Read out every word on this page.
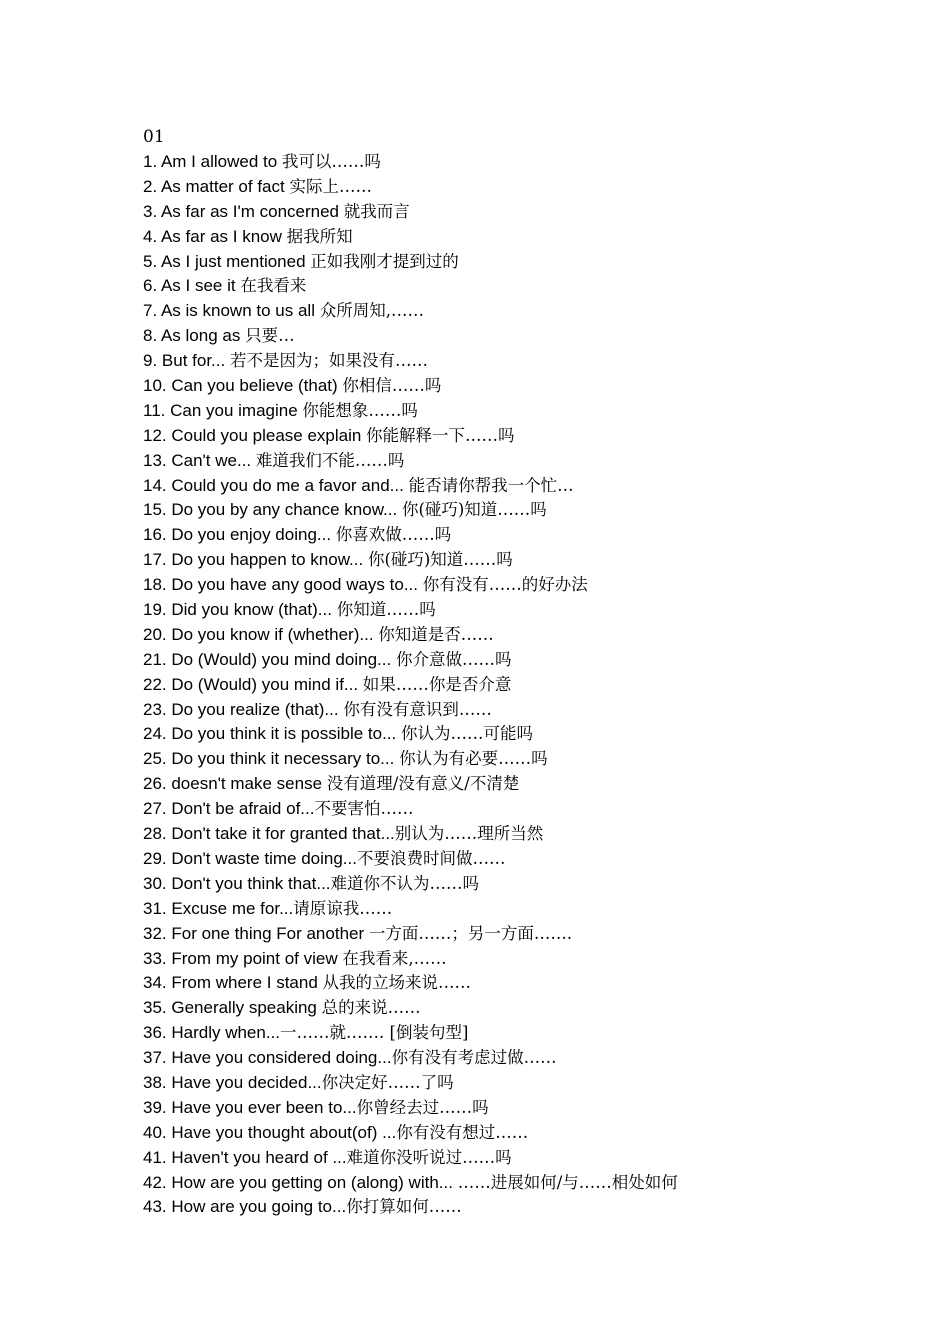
01
1. Am I allowed to 我可以……吗
2. As matter of fact 实际上……
3. As far as I'm concerned 就我而言
4. As far as I know 据我所知
5. As I just mentioned 正如我刚才提到过的
6. As I see it 在我看来
7. As is known to us all 众所周知,……
8. As long as 只要…
9. But for... 若不是因为；如果没有……
10. Can you believe (that) 你相信……吗
11. Can you imagine 你能想象……吗
12. Could you please explain 你能解释一下……吗
13. Can't we... 难道我们不能……吗
14. Could you do me a favor and... 能否请你帮我一个忙…
15. Do you by any chance know... 你(碰巧)知道……吗
16. Do you enjoy doing... 你喜欢做……吗
17. Do you happen to know... 你(碰巧)知道……吗
18. Do you have any good ways to... 你有没有……的好办法
19. Did you know (that)... 你知道……吗
20. Do you know if (whether)... 你知道是否……
21. Do (Would) you mind doing... 你介意做……吗
22. Do (Would) you mind if... 如果……你是否介意
23. Do you realize (that)... 你有没有意识到……
24. Do you think it is possible to... 你认为……可能吗
25. Do you think it necessary to... 你认为有必要……吗
26. doesn't make sense 没有道理/没有意义/不清楚
27. Don't be afraid of...不要害怕……
28. Don't take it for granted that...别认为……理所当然
29. Don't waste time doing...不要浪费时间做……
30. Don't you think that...难道你不认为……吗
31. Excuse me for...请原谅我……
32. For one thing For another 一方面……；另一方面…….
33. From my point of view 在我看来,……
34. From where I stand 从我的立场来说……
35. Generally speaking 总的来说……
36. Hardly when...一……就……. [倒装句型]
37. Have you considered doing...你有没有考虑过做……
38. Have you decided...你决定好……了吗
39. Have you ever been to...你曾经去过……吗
40. Have you thought about(of) ...你有没有想过……
41. Haven't you heard of ...难道你没听说过……吗
42. How are you getting on (along) with... ……进展如何/与……相处如何
43. How are you going to...你打算如何……
